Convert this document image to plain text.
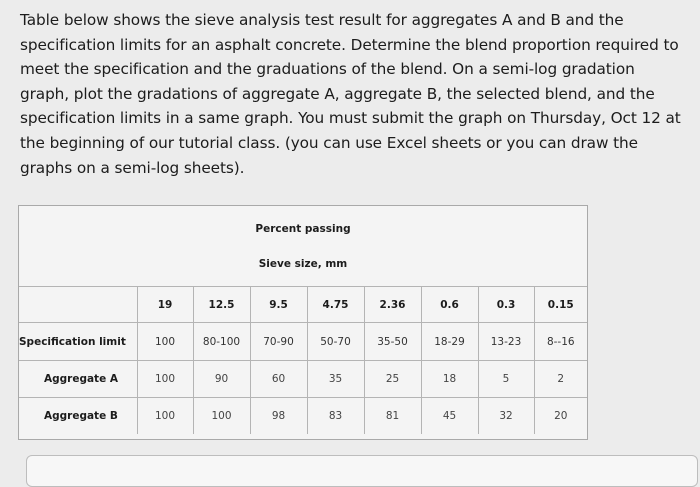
Table below shows the sieve analysis test result for aggregates A and B and the specification limits for an asphalt concrete. Determine the blend proportion required to meet the specification and the graduations of the blend. On a semi-log gradation graph, plot the gradations of aggregate A, aggregate B, the selected blend, and the specification limits in a same graph. You must submit the graph on Thursday, Oct 12 at the beginning of our tutorial class. (you can use Excel sheets or you can draw the graphs on a semi-log sheets).
Percent passing
Sieve size, mm
	19	12.5	9.5	4.75	2.36	0.6	0.3	0.15
Specification limit	100	80-100	70-90	50-70	35-50	18-29	13-23	8--16
Aggregate A	100	90	60	35	25	18	5	2
Aggregate B	100	100	98	83	81	45	32	20
